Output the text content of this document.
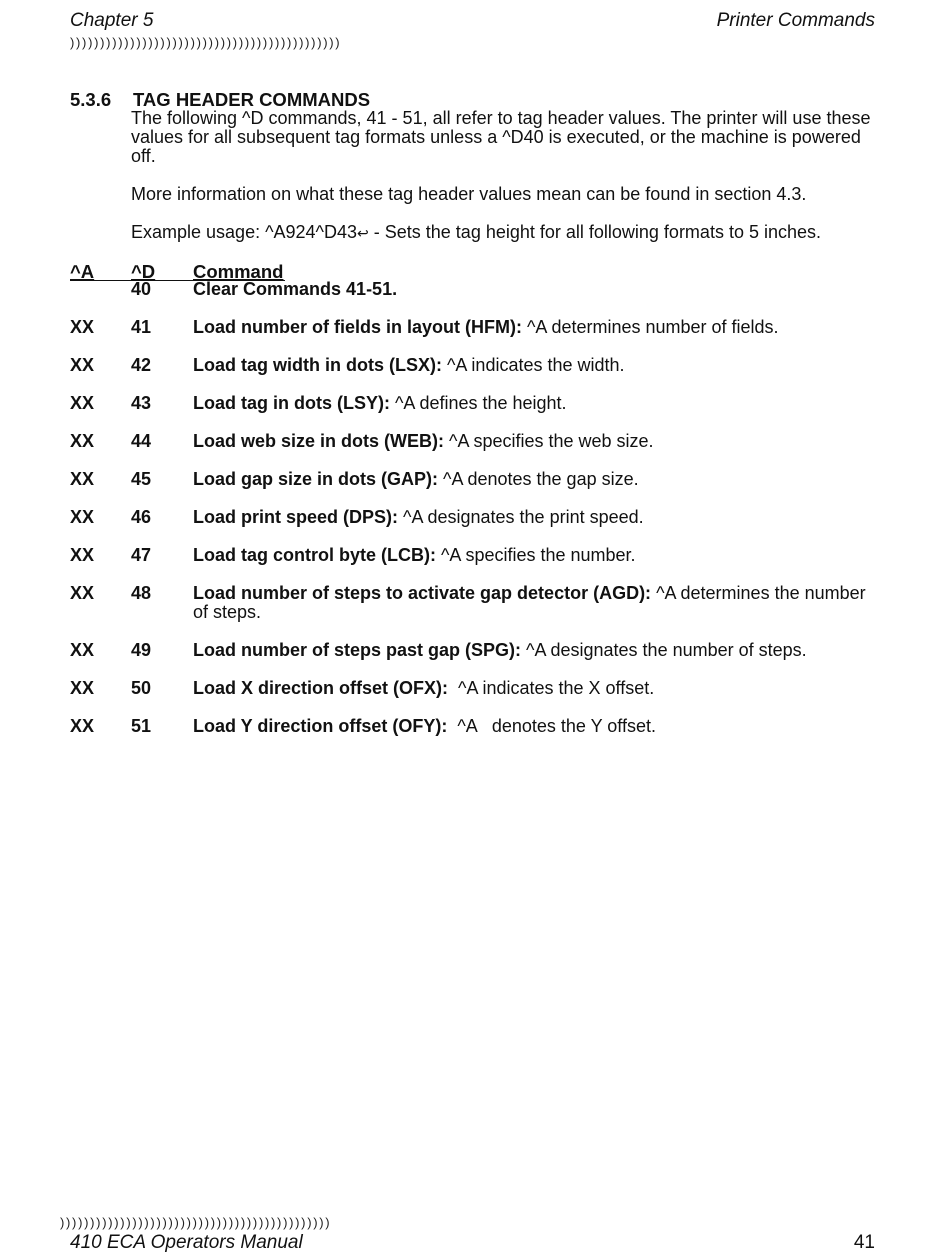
Chapter 5	Printer Commands
)))))))))))))))))))))))))))))))))))))))))))))
5.3.6 TAG HEADER COMMANDS
The following ^D commands, 41 - 51, all refer to tag header values. The printer will use these values for all subsequent tag formats unless a ^D40 is executed, or the machine is powered off.
More information on what these tag header values mean can be found in section 4.3.
Example usage: ^A924^D43↩ - Sets the tag height for all following formats to 5 inches.
^A ^D Command
40 Clear Commands 41-51.
XX 41 Load number of fields in layout (HFM): ^A determines number of fields.
XX 42 Load tag width in dots (LSX): ^A indicates the width.
XX 43 Load tag in dots (LSY): ^A defines the height.
XX 44 Load web size in dots (WEB): ^A specifies the web size.
XX 45 Load gap size in dots (GAP): ^A denotes the gap size.
XX 46 Load print speed (DPS): ^A designates the print speed.
XX 47 Load tag control byte (LCB): ^A specifies the number.
XX 48 Load number of steps to activate gap detector (AGD): ^A determines the number of steps.
XX 49 Load number of steps past gap (SPG): ^A designates the number of steps.
XX 50 Load X direction offset (OFX):  ^A indicates the X offset.
XX 51 Load Y direction offset (OFY):  ^A   denotes the Y offset.
)))))))))))))))))))))))))))))))))))))))))))))
410 ECA Operators Manual	41
